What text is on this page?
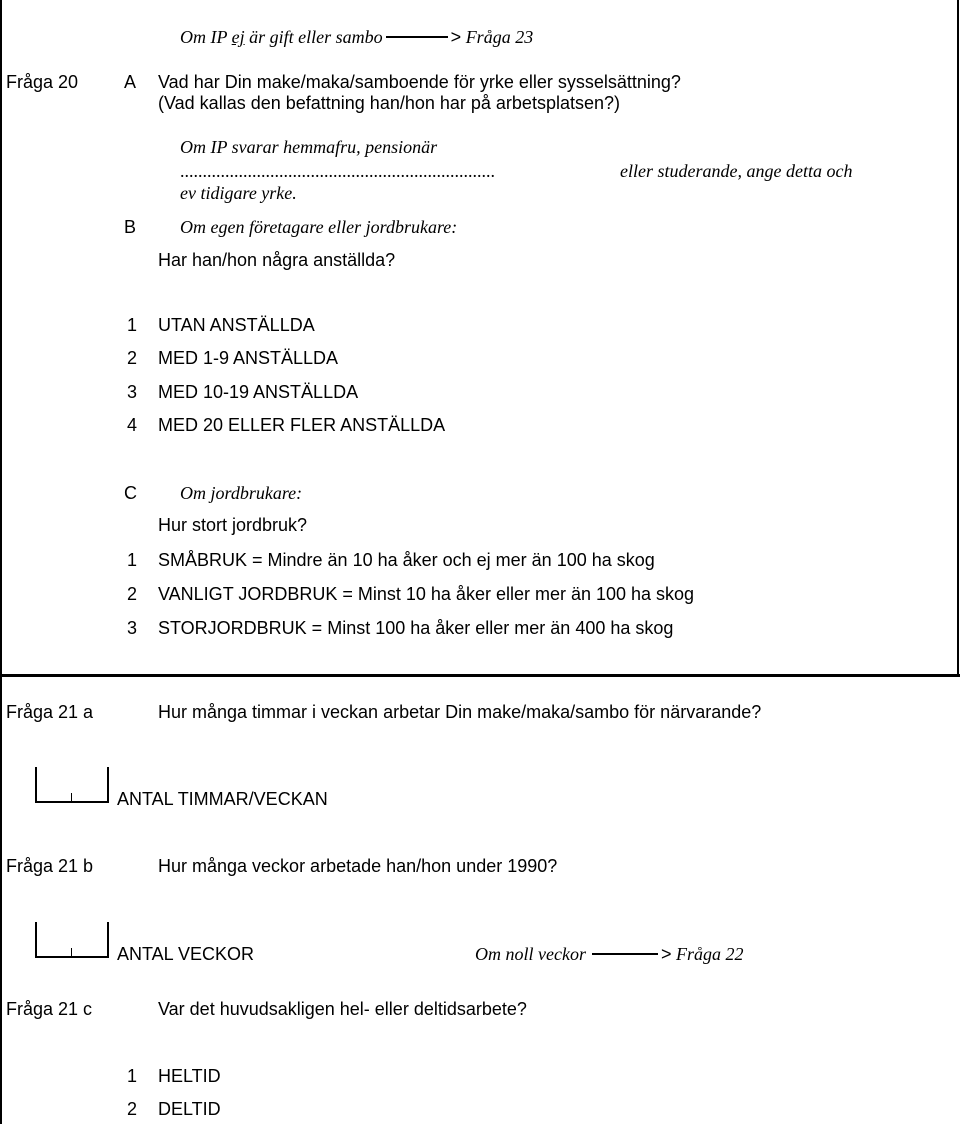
Om IP ej är gift eller sambo	> Fråga 23
Fråga 20	A Vad har Din make/maka/samboende för yrke eller sysselsättning?
(Vad kallas den befattning han/hon har på arbetsplatsen?)
Om IP svarar hemmafru, pensionär
......................................................................	eller studerande, ange detta och
ev tidigare yrke.
B Om egen företagare eller jordbrukare:
Har han/hon några anställda?
1 UTAN ANSTÄLLDA
2 MED 1-9 ANSTÄLLDA
3 MED 10-19 ANSTÄLLDA
4 MED 20 ELLER FLER ANSTÄLLDA
C Om jordbrukare:
Hur stort jordbruk?
1 SMÅBRUK = Mindre än 10 ha åker och ej mer än 100 ha skog
2 VANLIGT JORDBRUK = Minst 10 ha åker eller mer än 100 ha skog
3 STORJORDBRUK = Minst 100 ha åker eller mer än 400 ha skog
Fråga 21 a	Hur många timmar i veckan arbetar Din make/maka/sambo för närvarande?
ANTAL TIMMAR/VECKAN
Fråga 21 b	Hur många veckor arbetade han/hon under 1990?
ANTAL VECKOR	Om noll veckor	> Fråga 22
Fråga 21 c	Var det huvudsakligen hel- eller deltidsarbete?
1 HELTID
2 DELTID
